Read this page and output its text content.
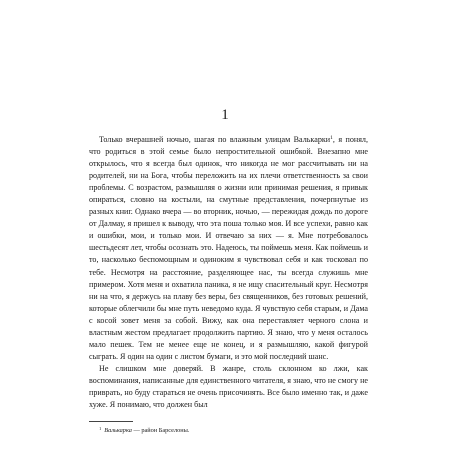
1

Только вчерашней ночью, шагая по влажным улицам Валькарки$^1$, я понял, что родиться в этой семье было непростительной ошибкой. Внезапно мне открылось, что я всегда был одинок, что никогда не мог рассчитывать ни на родителей, ни на Бога, чтобы переложить на их плечи ответственность за свои проблемы. С возрастом, размышляя о жизни или принимая решения, я привык опираться, словно на костыли, на смутные представления, почерпнутые из разных книг. Однако вчера — во вторник, ночью, — пережидая дождь по дороге от Далмау, я пришел к выводу, что эта поша только моя. И все успехи, равно как и ошибки, мои, и только мои. И отвечаю за них — я. Мне потребовалось шестьдесят лет, чтобы осознать это. Надеюсь, ты поймешь меня. Как поймешь и то, насколько беспомощным и одиноким я чувствовал себя и как тосковал по тебе. Несмотря на расстояние, разделяющее нас, ты всегда служишь мне примером. Хотя меня и охватила паника, я не ищу спасительный круг. Несмотря ни на что, я держусь на плаву без веры, без священников, без готовых решений, которые облегчили бы мне путь неведомо куда. Я чувствую себя старым, и Дама с косой зовет меня за собой. Вижу, как она переставляет черного слона и властным жестом предлагает продолжить партию. Я знаю, что у меня осталось мало пешек. Тем не менее еще не конец, и я размышляю, какой фигурой сыграть. Я один на один с листом бумаги, и это мой последний шанс.

Не слишком мне доверяй. В жанре, столь склонном ко лжи, как воспоминания, написанные для единственного читателя, я знаю, что не смогу не приврать, но буду стараться не очень присочинять. Все было именно так, и даже хуже. Я понимаю, что должен был

$^1$ Валькарка — район Барселоны.
